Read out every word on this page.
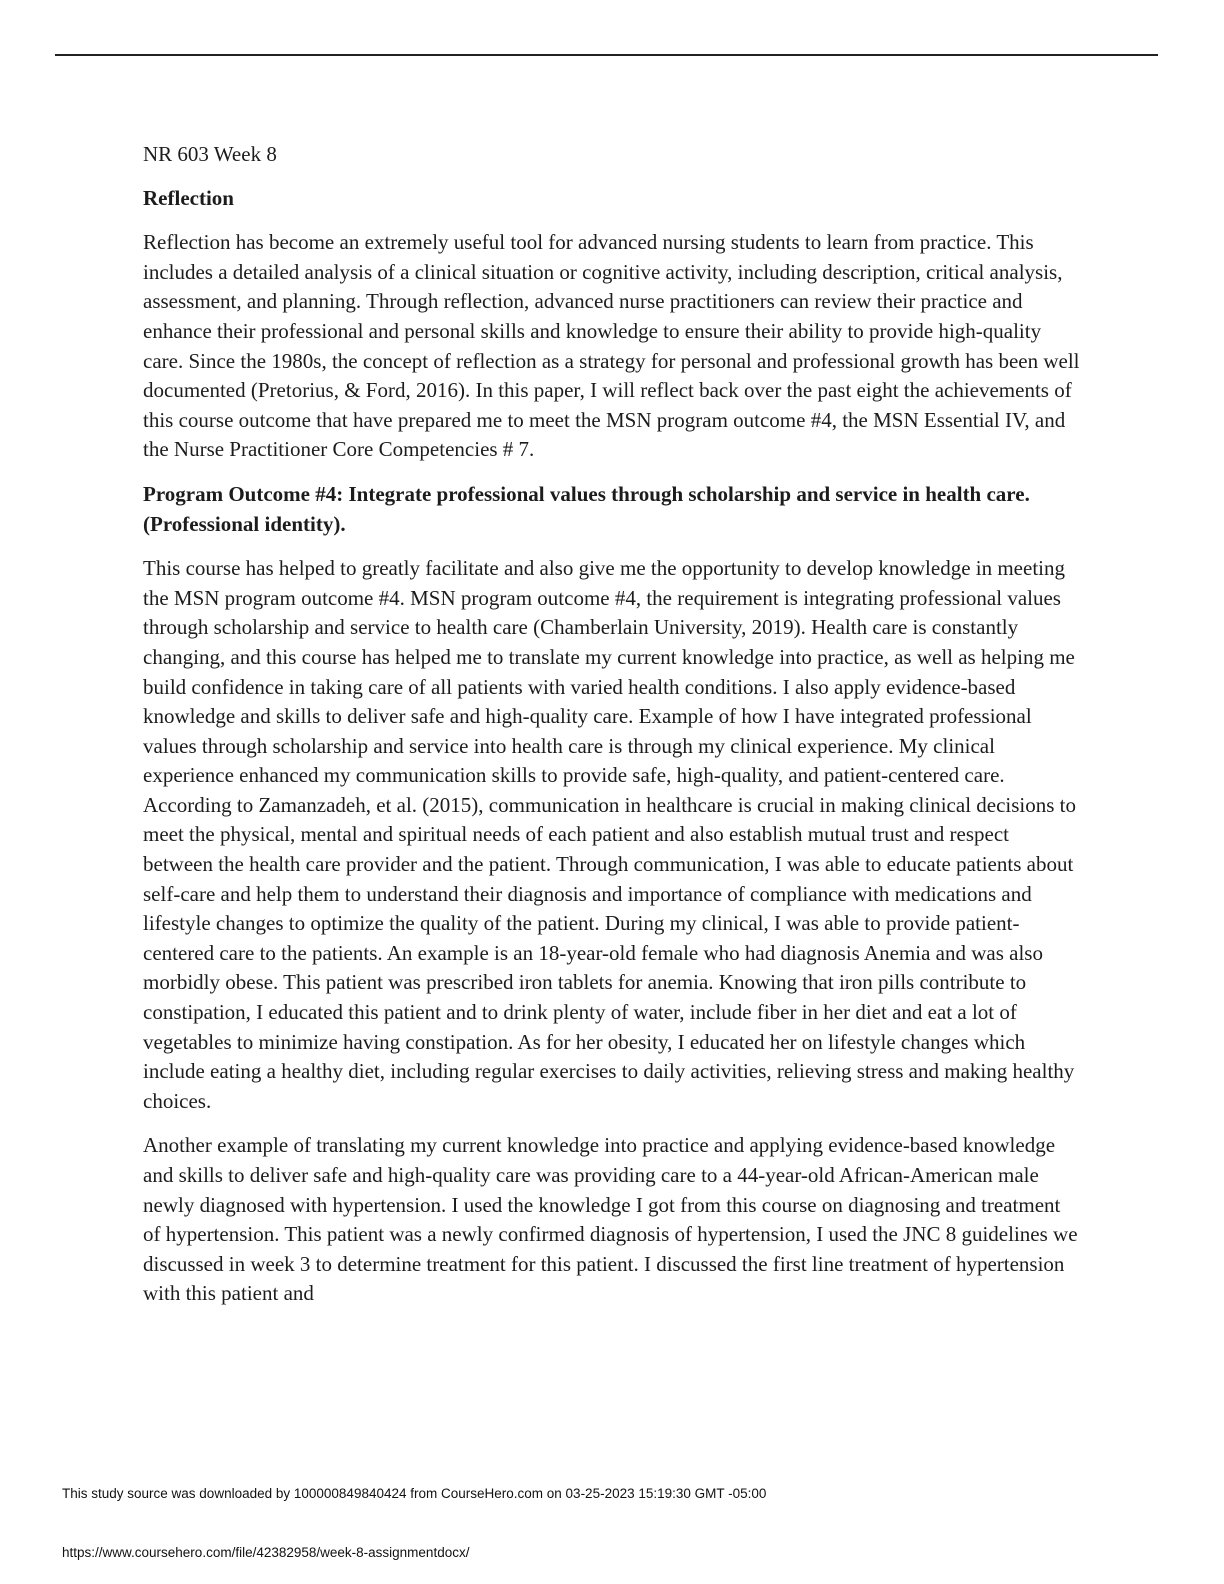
NR 603 Week 8

Reflection

Reflection has become an extremely useful tool for advanced nursing students to learn from practice. This includes a detailed analysis of a clinical situation or cognitive activity, including description, critical analysis, assessment, and planning. Through reflection, advanced nurse practitioners can review their practice and enhance their professional and personal skills and knowledge to ensure their ability to provide high-quality care. Since the 1980s, the concept of reflection as a strategy for personal and professional growth has been well documented (Pretorius, & Ford, 2016). In this paper, I will reflect back over the past eight the achievements of this course outcome that have prepared me to meet the MSN program outcome #4, the MSN Essential IV, and the Nurse Practitioner Core Competencies # 7.

Program Outcome #4: Integrate professional values through scholarship and service in health care. (Professional identity).

This course has helped to greatly facilitate and also give me the opportunity to develop knowledge in meeting the MSN program outcome #4. MSN program outcome #4, the requirement is integrating professional values through scholarship and service to health care (Chamberlain University, 2019). Health care is constantly changing, and this course has helped me to translate my current knowledge into practice, as well as helping me build confidence in taking care of all patients with varied health conditions. I also apply evidence-based knowledge and skills to deliver safe and high-quality care. Example of how I have integrated professional values through scholarship and service into health care is through my clinical experience. My clinical experience enhanced my communication skills to provide safe, high-quality, and patient-centered care. According to Zamanzadeh, et al. (2015), communication in healthcare is crucial in making clinical decisions to meet the physical, mental and spiritual needs of each patient and also establish mutual trust and respect between the health care provider and the patient. Through communication, I was able to educate patients about self-care and help them to understand their diagnosis and importance of compliance with medications and lifestyle changes to optimize the quality of the patient. During my clinical, I was able to provide patient-centered care to the patients. An example is an 18-year-old female who had diagnosis Anemia and was also morbidly obese. This patient was prescribed iron tablets for anemia. Knowing that iron pills contribute to constipation, I educated this patient and to drink plenty of water, include fiber in her diet and eat a lot of vegetables to minimize having constipation. As for her obesity, I educated her on lifestyle changes which include eating a healthy diet, including regular exercises to daily activities, relieving stress and making healthy choices.

Another example of translating my current knowledge into practice and applying evidence-based knowledge and skills to deliver safe and high-quality care was providing care to a 44-year-old African-American male newly diagnosed with hypertension. I used the knowledge I got from this course on diagnosing and treatment of hypertension. This patient was a newly confirmed diagnosis of hypertension, I used the JNC 8 guidelines we discussed in week 3 to determine treatment for this patient. I discussed the first line treatment of hypertension with this patient and

This study source was downloaded by 100000849840424 from CourseHero.com on 03-25-2023 15:19:30 GMT -05:00
https://www.coursehero.com/file/42382958/week-8-assignmentdocx/
